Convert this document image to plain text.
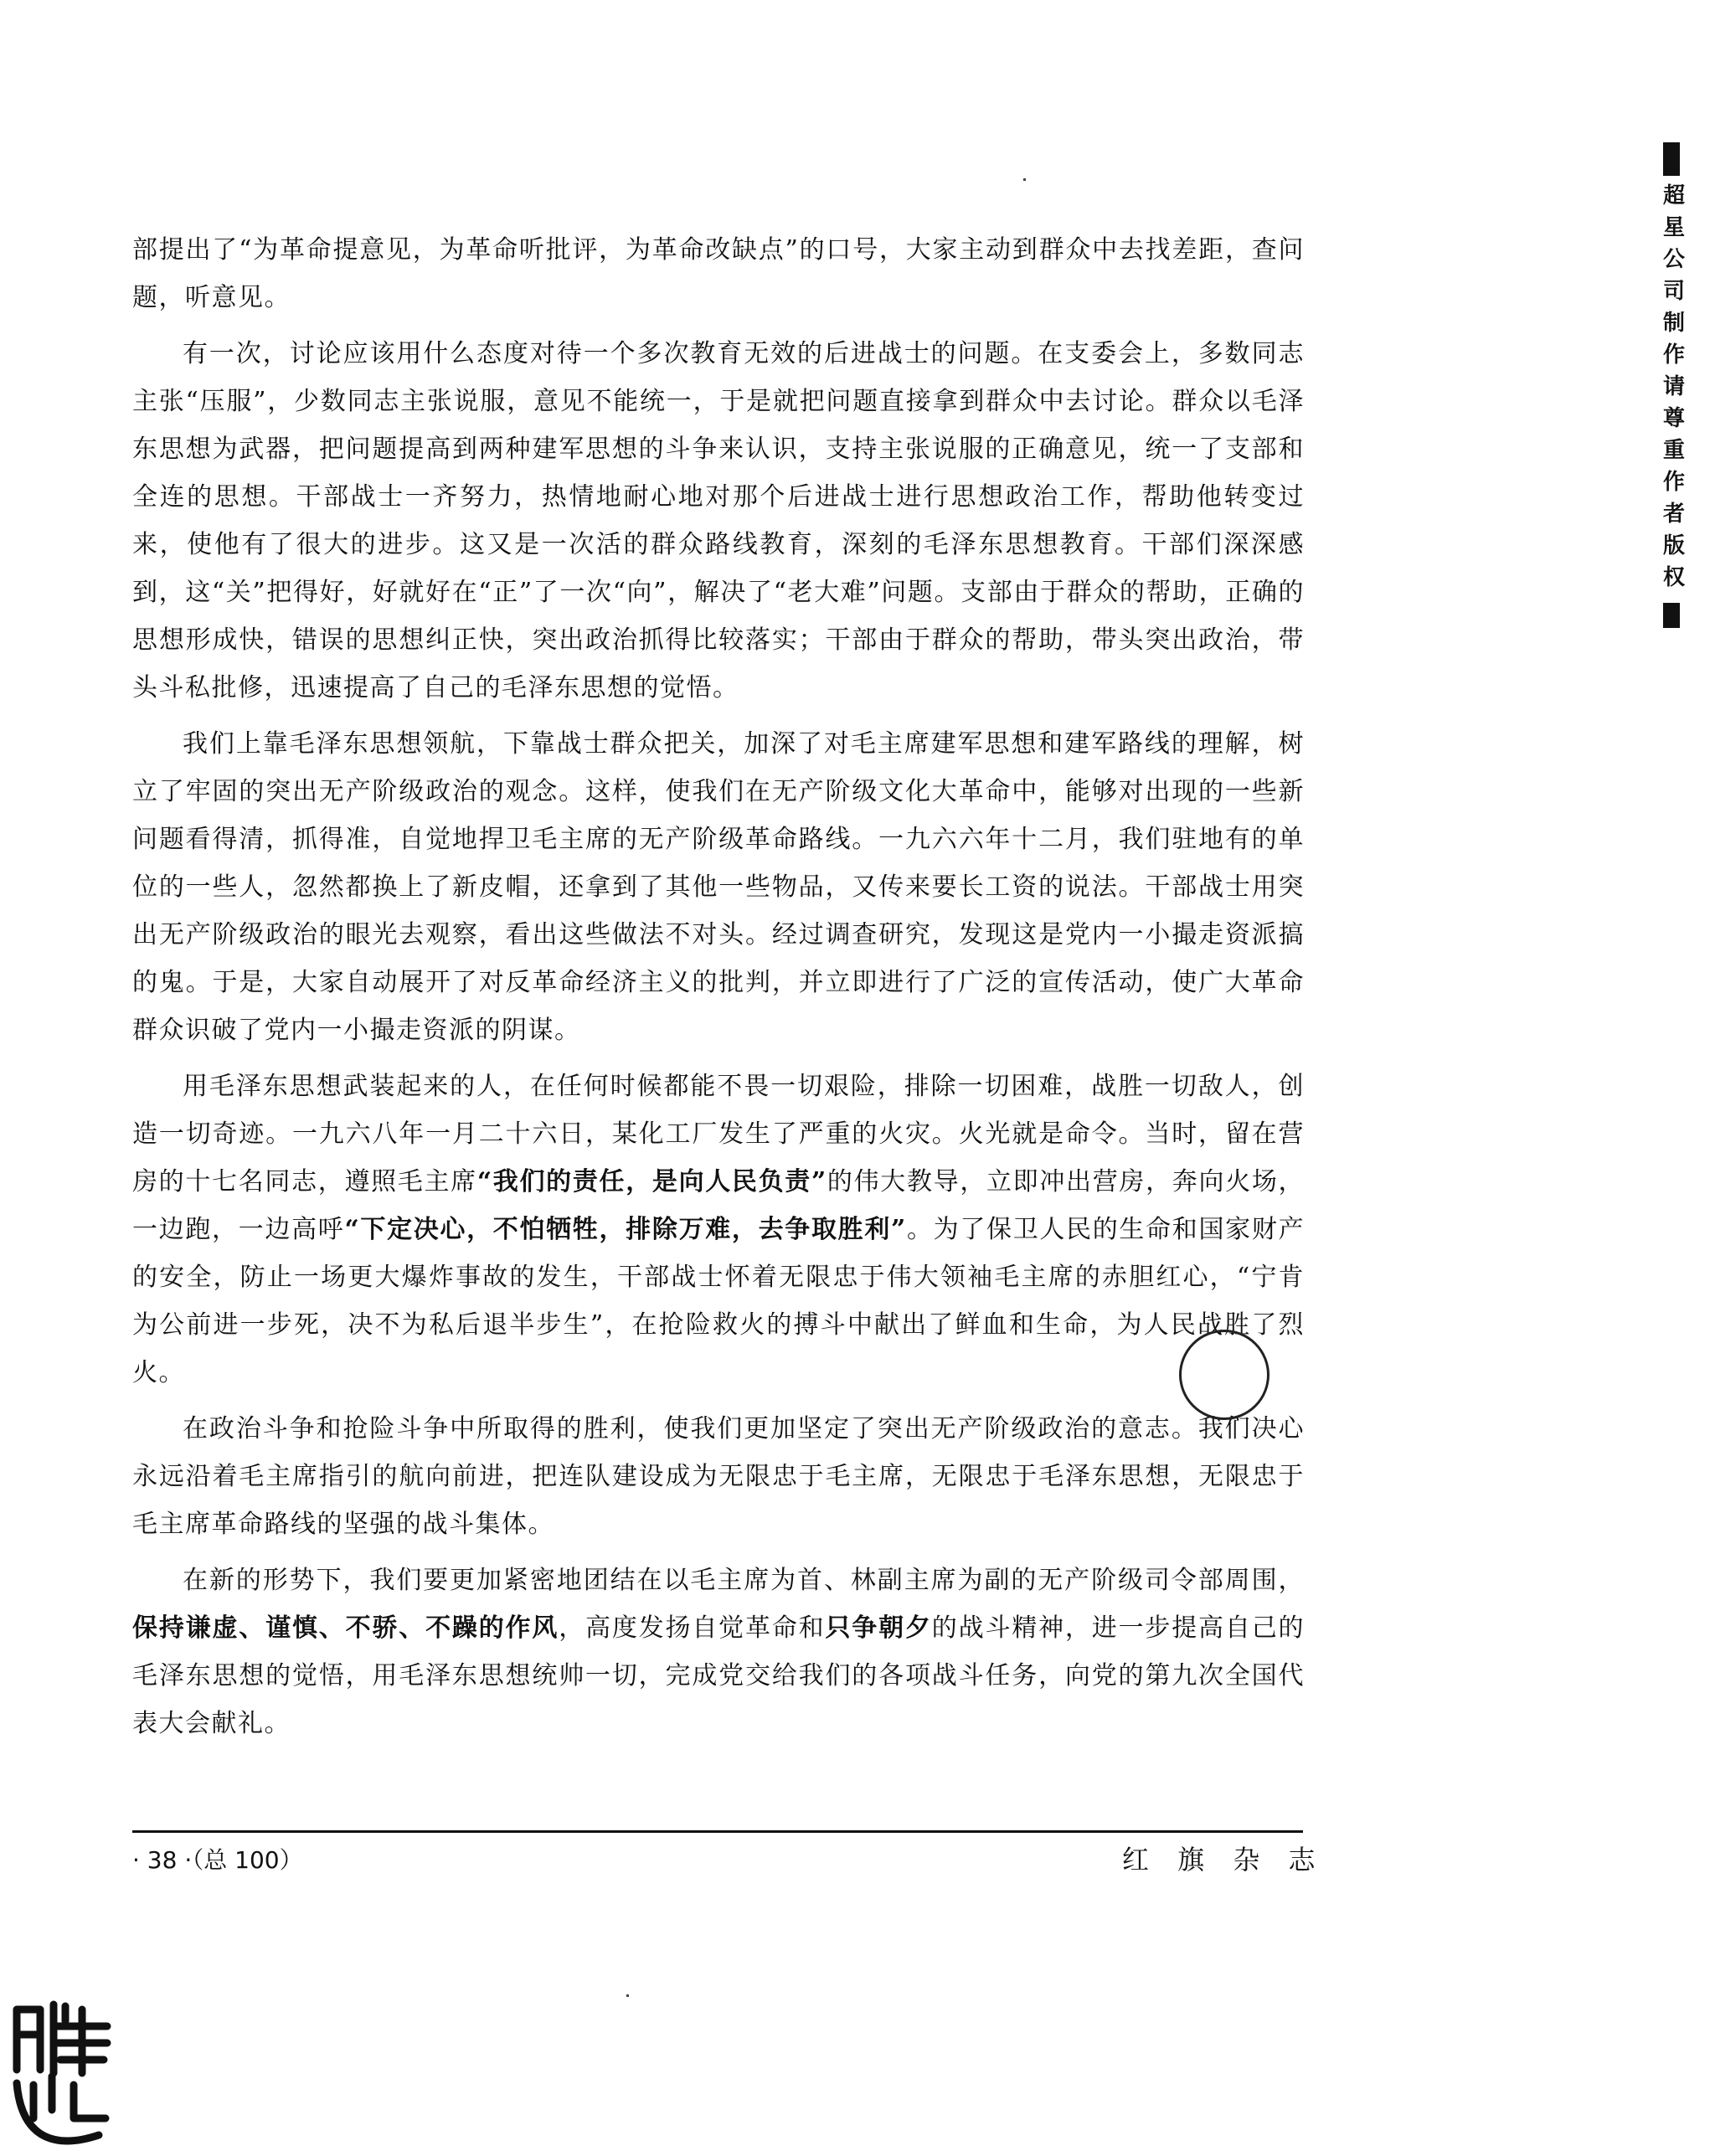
部提出了“为革命提意见，为革命听批评，为革命改缺点”的口号，大家主动到群众中去找差距，查问题，听意见。

有一次，讨论应该用什么态度对待一个多次教育无效的后进战士的问题。在支委会上，多数同志主张“压服”，少数同志主张说服，意见不能统一，于是就把问题直接拿到群众中去讨论。群众以毛泽东思想为武器，把问题提高到两种建军思想的斗争来认识，支持主张说服的正确意见，统一了支部和全连的思想。干部战士一齐努力，热情地耐心地对那个后进战士进行思想政治工作，帮助他转变过来，使他有了很大的进步。这又是一次活的群众路线教育，深刻的毛泽东思想教育。干部们深深感到，这“关”把得好，好就好在“正”了一次“向”，解决了“老大难”问题。支部由于群众的帮助，正确的思想形成快，错误的思想纠正快，突出政治抓得比较落实；干部由于群众的帮助，带头突出政治，带头斗私批修，迅速提高了自己的毛泽东思想的觉悟。

我们上靠毛泽东思想领航，下靠战士群众把关，加深了对毛主席建军思想和建军路线的理解，树立了牢固的突出无产阶级政治的观念。这样，使我们在无产阶级文化大革命中，能够对出现的一些新问题看得清，抓得准，自觉地捍卫毛主席的无产阶级革命路线。一九六六年十二月，我们驻地有的单位的一些人，忽然都换上了新皮帽，还拿到了其他一些物品，又传来要长工资的说法。干部战士用突出无产阶级政治的眼光去观察，看出这些做法不对头。经过调查研究，发现这是党内一小撮走资派搞的鬼。于是，大家自动展开了对反革命经济主义的批判，并立即进行了广泛的宣传活动，使广大革命群众识破了党内一小撮走资派的阴谋。

用毛泽东思想武装起来的人，在任何时候都能不畏一切艰险，排除一切困难，战胜一切敌人，创造一切奇迹。一九六八年一月二十六日，某化工厂发生了严重的火灾。火光就是命令。当时，留在营房的十七名同志，遵照毛主席“我们的责任，是向人民负责”的伟大教导，立即冲出营房，奔向火场，一边跑，一边高呼“下定决心，不怕牺牲，排除万难，去争取胜利”。为了保卫人民的生命和国家财产的安全，防止一场更大爆炸事故的发生，干部战士怀着无限忠于伟大领袖毛主席的赤胆红心，“宁肯为公前进一步死，决不为私后退半步生”，在抢险救火的搏斗中献出了鲜血和生命，为人民战胜了烈火。

在政治斗争和抢险斗争中所取得的胜利，使我们更加坚定了突出无产阶级政治的意志。我们决心永远沿着毛主席指引的航向前进，把连队建设成为无限忠于毛主席，无限忠于毛泽东思想，无限忠于毛主席革命路线的坚强的战斗集体。

在新的形势下，我们要更加紧密地团结在以毛主席为首、林副主席为副的无产阶级司令部周围，保持谦虚、谨慎、不骄、不躁的作风，高度发扬自觉革命和只争朝夕的战斗精神，进一步提高自己的毛泽东思想的觉悟，用毛泽东思想统帅一切，完成党交给我们的各项战斗任务，向党的第九次全国代表大会献礼。

· 38 ·（总 100）	红 旗 杂 志
超星公司制作请尊重作者版权
